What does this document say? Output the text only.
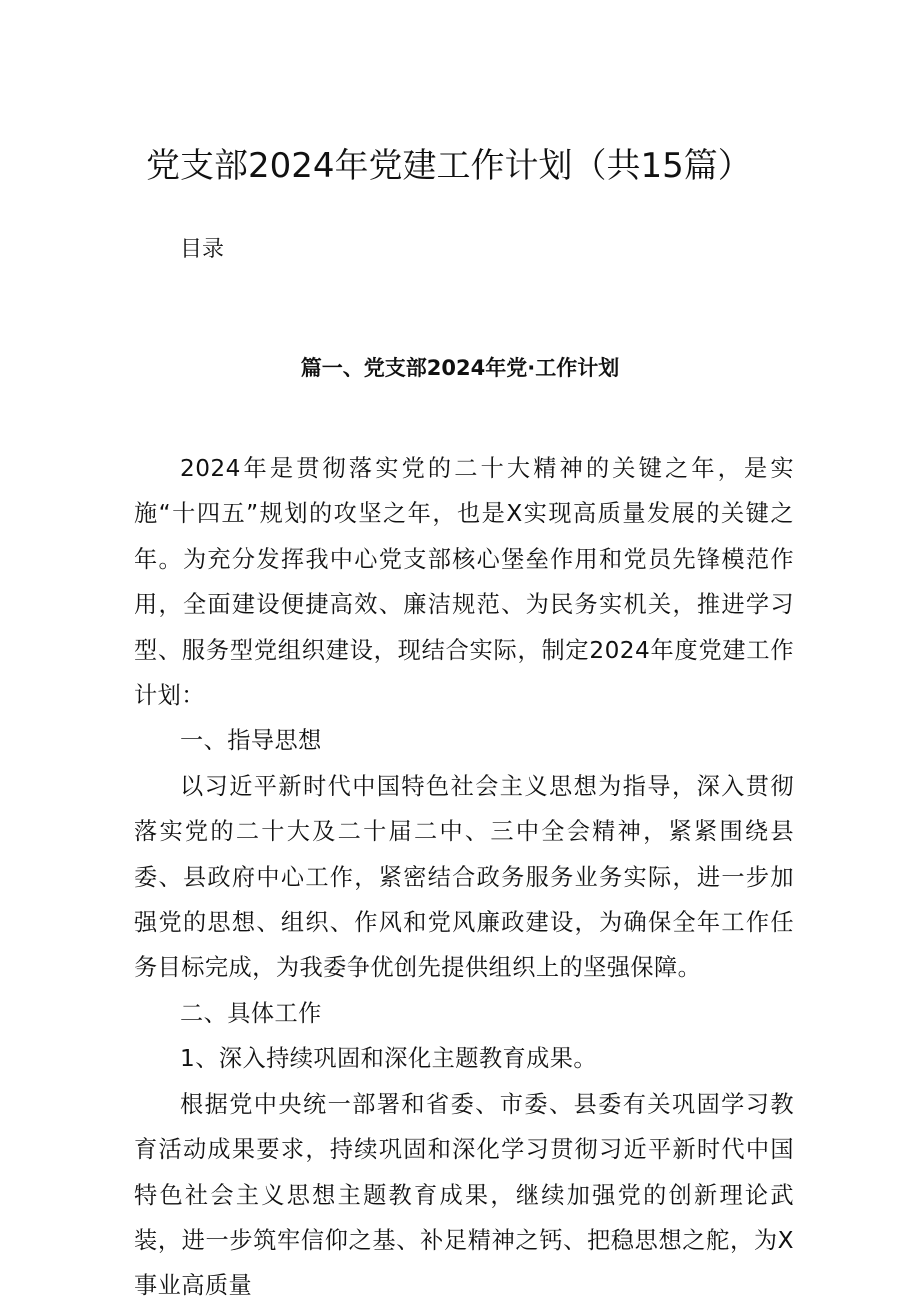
党支部2024年党建工作计划（共15篇）
目录
篇一、党支部2024年党·工作计划

2024年是贯彻落实党的二十大精神的关键之年，是实施“十四五”规划的攻坚之年，也是X实现高质量发展的关键之年。为充分发挥我中心党支部核心堡垒作用和党员先锋模范作用，全面建设便捷高效、廉洁规范、为民务实机关，推进学习型、服务型党组织建设，现结合实际，制定2024年度党建工作计划：

一、指导思想

以习近平新时代中国特色社会主义思想为指导，深入贯彻落实党的二十大及二十届二中、三中全会精神，紧紧围绕县委、县政府中心工作，紧密结合政务服务业务实际，进一步加强党的思想、组织、作风和党风廉政建设，为确保全年工作任务目标完成，为我委争优创先提供组织上的坚强保障。

二、具体工作

1、深入持续巩固和深化主题教育成果。

根据党中央统一部署和省委、市委、县委有关巩固学习教育活动成果要求，持续巩固和深化学习贯彻习近平新时代中国特色社会主义思想主题教育成果，继续加强党的创新理论武装，进一步筑牢信仰之基、补足精神之钙、把稳思想之舵，为X事业高质量
